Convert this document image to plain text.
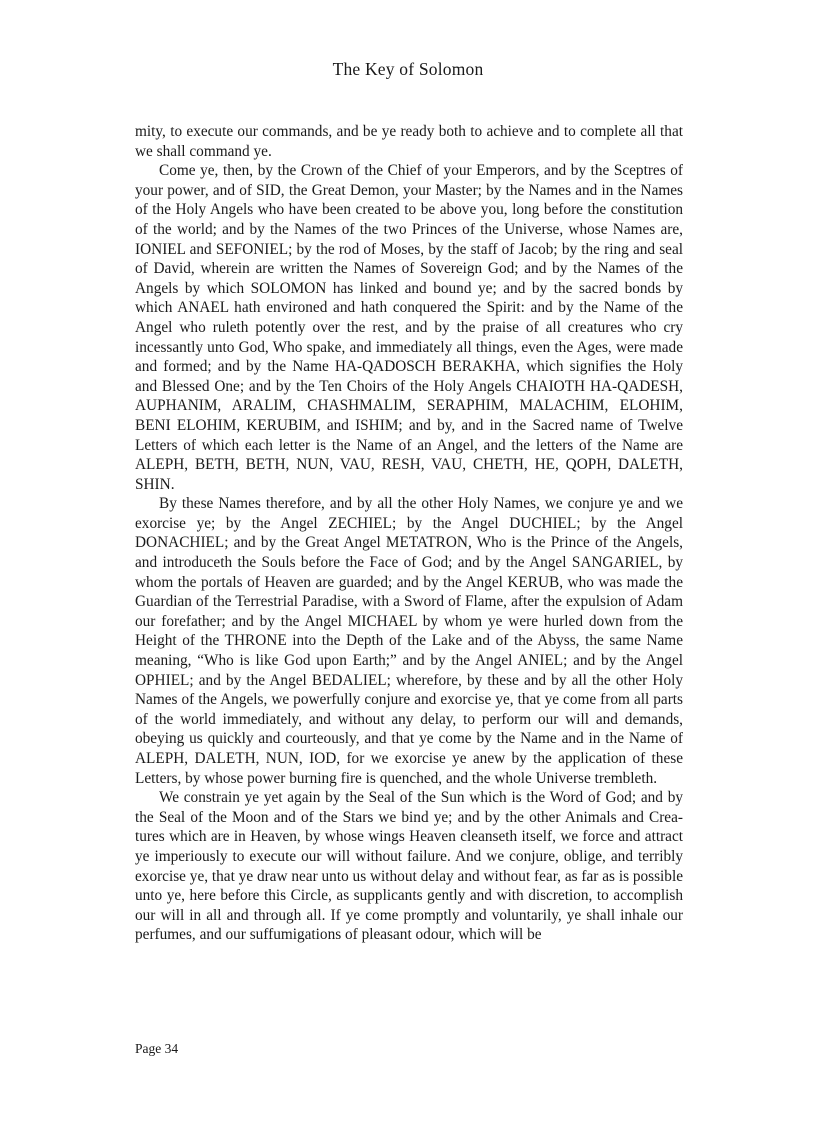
The Key of Solomon

mity, to execute our commands, and be ye ready both to achieve and to complete all that we shall command ye.

Come ye, then, by the Crown of the Chief of your Emperors, and by the Sceptres of your power, and of SID, the Great Demon, your Master; by the Names and in the Names of the Holy Angels who have been created to be above you, long before the constitution of the world; and by the Names of the two Princes of the Universe, whose Names are, IONIEL and SEFONIEL; by the rod of Moses, by the staff of Jacob; by the ring and seal of David, wherein are written the Names of Sovereign God; and by the Names of the Angels by which SOLOMON has linked and bound ye; and by the sacred bonds by which ANAEL hath environed and hath conquered the Spirit: and by the Name of the Angel who ruleth potently over the rest, and by the praise of all creatures who cry incessantly unto God, Who spake, and immediately all things, even the Ages, were made and formed; and by the Name HA-QADOSCH BERAKHA, which signifies the Holy and Blessed One; and by the Ten Choirs of the Holy Angels CHAIOTH HA-QADESH, AUPHANIM, ARALIM, CHASHMALIM, SERAPHIM, MALACHIM, ELOHIM, BENI ELOHIM, KERUBIM, and ISHIM; and by, and in the Sacred name of Twelve Letters of which each letter is the Name of an Angel, and the letters of the Name are ALEPH, BETH, BETH, NUN, VAU, RESH, VAU, CHETH, HE, QOPH, DALETH, SHIN.

By these Names therefore, and by all the other Holy Names, we conjure ye and we exorcise ye; by the Angel ZECHIEL; by the Angel DUCHIEL; by the Angel DONACHIEL; and by the Great Angel METATRON, Who is the Prince of the Angels, and introduceth the Souls before the Face of God; and by the Angel SANGARIEL, by whom the portals of Heaven are guarded; and by the Angel KERUB, who was made the Guardian of the Terrestrial Paradise, with a Sword of Flame, after the expulsion of Adam our forefather; and by the Angel MICHAEL by whom ye were hurled down from the Height of the THRONE into the Depth of the Lake and of the Abyss, the same Name meaning, “Who is like God upon Earth;” and by the Angel ANIEL; and by the Angel OPHIEL; and by the Angel BEDALIEL; wherefore, by these and by all the other Holy Names of the Angels, we powerfully conjure and exorcise ye, that ye come from all parts of the world immediately, and without any delay, to perform our will and demands, obeying us quickly and courteously, and that ye come by the Name and in the Name of ALEPH, DALETH, NUN, IOD, for we exorcise ye anew by the application of these Letters, by whose power burning fire is quenched, and the whole Universe trembleth.

We constrain ye yet again by the Seal of the Sun which is the Word of God; and by the Seal of the Moon and of the Stars we bind ye; and by the other Animals and Creatures which are in Heaven, by whose wings Heaven cleanseth itself, we force and attract ye imperiously to execute our will without failure. And we conjure, oblige, and terribly exorcise ye, that ye draw near unto us without delay and without fear, as far as is possible unto ye, here before this Circle, as supplicants gently and with discretion, to accomplish our will in all and through all. If ye come promptly and voluntarily, ye shall inhale our perfumes, and our suffumigations of pleasant odour, which will be

Page 34
